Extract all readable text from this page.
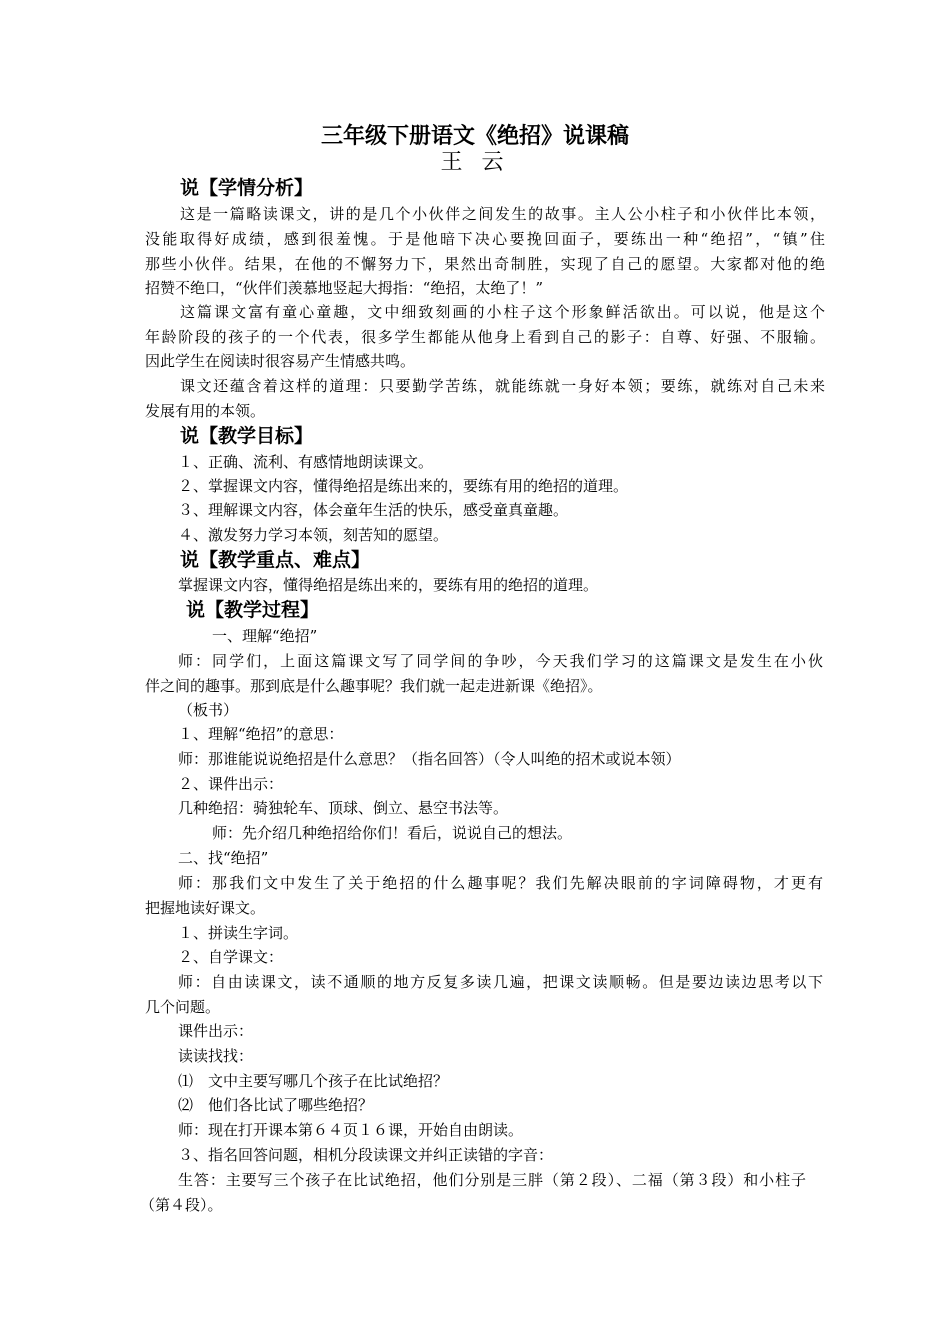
三年级下册语文《绝招》说课稿
王 云
说【学情分析】
这是一篇略读课文，讲的是几个小伙伴之间发生的故事。主人公小柱子和小伙伴比本领，
没能取得好成绩，感到很羞愧。于是他暗下决心要挽回面子，要练出一种“绝招”，“镇”住
那些小伙伴。结果，在他的不懈努力下，果然出奇制胜，实现了自己的愿望。大家都对他的绝
招赞不绝口，“伙伴们羡慕地竖起大拇指：“绝招，太绝了！”
这篇课文富有童心童趣，文中细致刻画的小柱子这个形象鲜活欲出。可以说，他是这个
年龄阶段的孩子的一个代表，很多学生都能从他身上看到自己的影子：自尊、好强、不服输。
因此学生在阅读时很容易产生情感共鸣。
课文还蕴含着这样的道理：只要勤学苦练，就能练就一身好本领；要练，就练对自己未来
发展有用的本领。
说【教学目标】
１、正确、流利、有感情地朗读课文。
２、掌握课文内容，懂得绝招是练出来的，要练有用的绝招的道理。
３、理解课文内容，体会童年生活的快乐，感受童真童趣。
４、激发努力学习本领，刻苦知的愿望。
说【教学重点、难点】
掌握课文内容，懂得绝招是练出来的，要练有用的绝招的道理。
说【教学过程】
一、理解“绝招”
师：同学们，上面这篇课文写了同学间的争吵，今天我们学习的这篇课文是发生在小伙
伴之间的趣事。那到底是什么趣事呢？我们就一起走进新课《绝招》。
（板书）
１、理解“绝招”的意思：
师：那谁能说说绝招是什么意思？（指名回答）（令人叫绝的招术或说本领）
２、课件出示：
几种绝招：骑独轮车、顶球、倒立、悬空书法等。
师：先介绍几种绝招给你们！看后，说说自己的想法。
二、找“绝招”
师：那我们文中发生了关于绝招的什么趣事呢？我们先解决眼前的字词障碍物，才更有
把握地读好课文。
１、拼读生字词。
２、自学课文：
师：自由读课文，读不通顺的地方反复多读几遍，把课文读顺畅。但是要边读边思考以下
几个问题。
课件出示：
读读找找：
⑴　文中主要写哪几个孩子在比试绝招？
⑵　他们各比试了哪些绝招？
师：现在打开课本第６４页１６课，开始自由朗读。
３、指名回答问题，相机分段读课文并纠正读错的字音：
生答：主要写三个孩子在比试绝招，他们分别是三胖（第２段）、二福（第３段）和小柱子
（第４段）。
